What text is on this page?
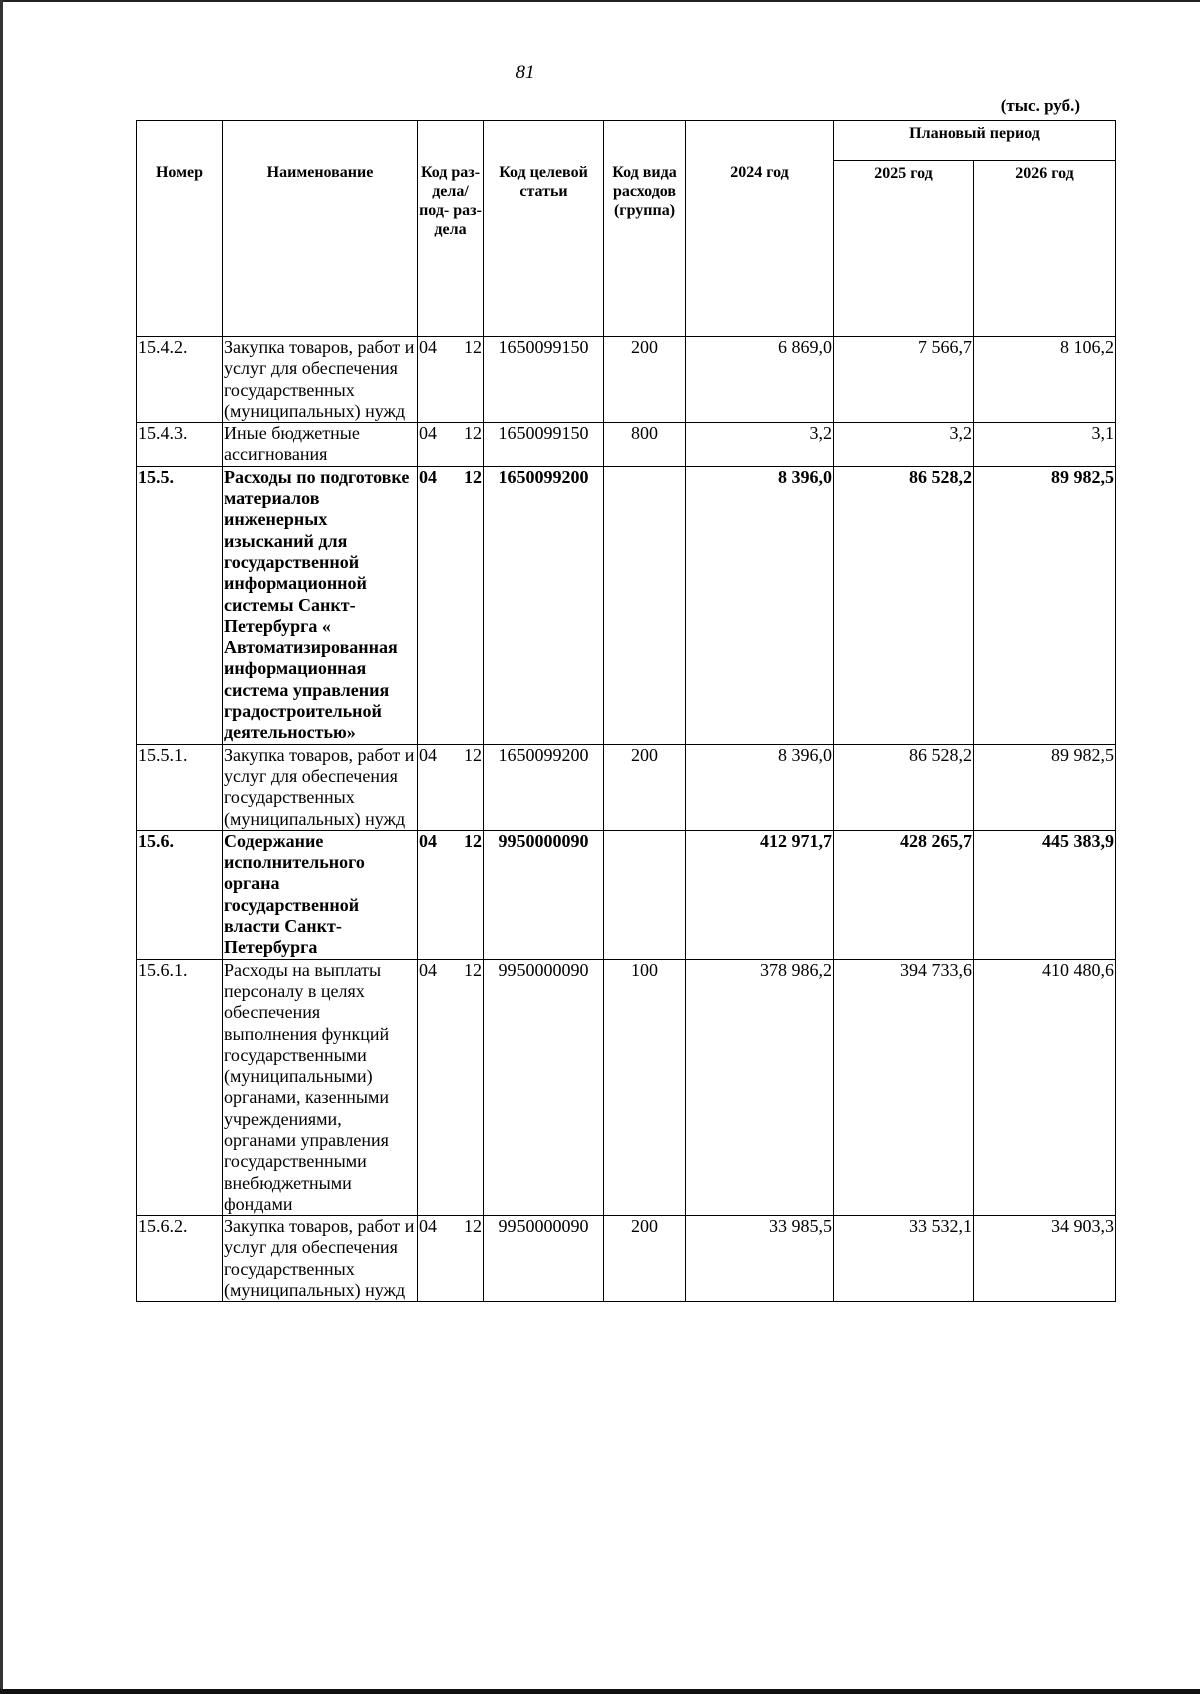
81
(тыс. руб.)
Номер	Наименование	Код раз- дела/ под- раз- дела	Код целевой статьи	Код вида расходов (группа)	2024 год	Плановый период	
						2025 год	2026 год
15.4.2.	Закупка товаров, работ и услуг для обеспечения государственных (муниципальных) нужд	04 12	1650099150	200	6 869,0	7 566,7	8 106,2
15.4.3.	Иные бюджетные ассигнования	04 12	1650099150	800	3,2	3,2	3,1
15.5.	Расходы по подготовке материалов инженерных изысканий для государственной информационной системы Санкт-Петербурга « Автоматизированная информационная система управления градостроительной деятельностью»	04 12	1650099200		8 396,0	86 528,2	89 982,5
15.5.1.	Закупка товаров, работ и услуг для обеспечения государственных (муниципальных) нужд	04 12	1650099200	200	8 396,0	86 528,2	89 982,5
15.6.	Содержание исполнительного органа государственной власти Санкт-Петербурга	04 12	9950000090		412 971,7	428 265,7	445 383,9
15.6.1.	Расходы на выплаты персоналу в целях обеспечения выполнения функций государственными (муниципальными) органами, казенными учреждениями, органами управления государственными внебюджетными фондами	04 12	9950000090	100	378 986,2	394 733,6	410 480,6
15.6.2.	Закупка товаров, работ и услуг для обеспечения государственных (муниципальных) нужд	04 12	9950000090	200	33 985,5	33 532,1	34 903,3
